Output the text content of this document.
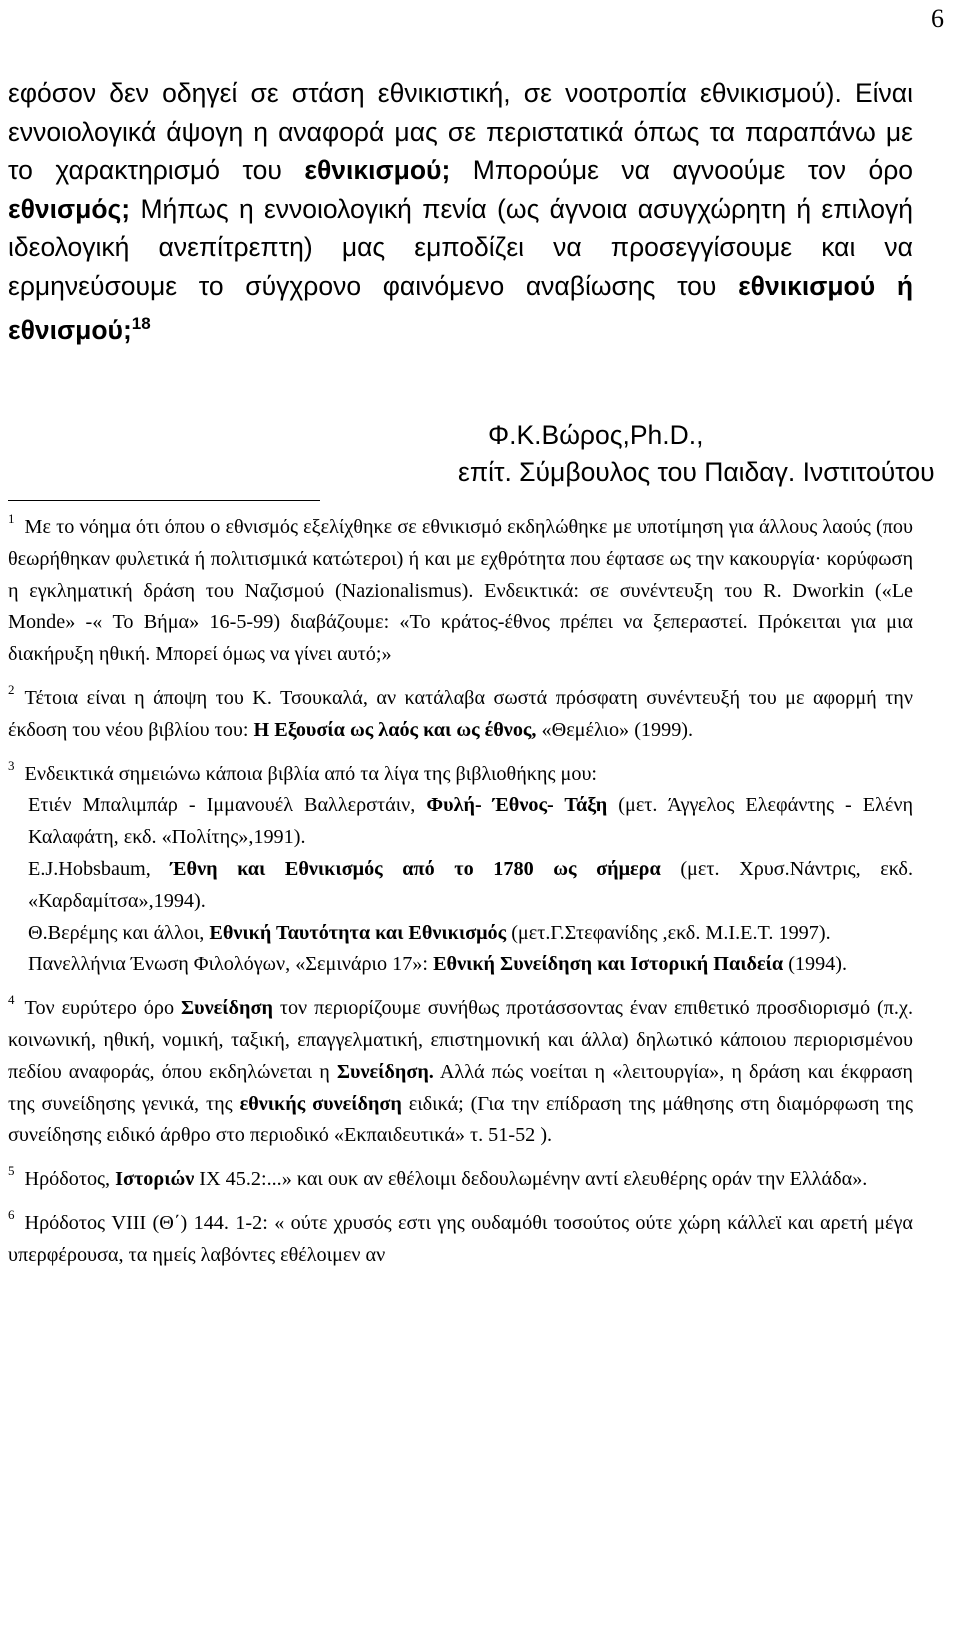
6
εφόσον δεν οδηγεί σε στάση εθνικιστική, σε νοοτροπία εθνικισμού). Είναι εννοιολογικά άψογη η αναφορά μας σε περιστατικά όπως τα παραπάνω με το χαρακτηρισμό του εθνικισμού; Μπορούμε να αγνοούμε τον όρο εθνισμός; Μήπως η εννοιολογική πενία (ως άγνοια ασυγχώρητη ή επιλογή ιδεολογική ανεπίτρεπτη) μας εμποδίζει να προσεγγίσουμε και να ερμηνεύσουμε το σύγχρονο φαινόμενο αναβίωσης του εθνικισμού ή εθνισμού;$^{18}$
Φ.Κ.Βώρος,Ph.D.,
επίτ. Σύμβουλος του Παιδαγ. Ινστιτούτου

$^1$ Με το νόημα ότι όπου ο εθνισμός εξελίχθηκε σε εθνικισμό εκδηλώθηκε με υποτίμηση για άλλους λαούς (που θεωρήθηκαν φυλετικά ή πολιτισμικά κατώτεροι) ή και με εχθρότητα που έφτασε ως την κακουργία· κορύφωση η εγκληματική δράση του Ναζισμού (Nazionalismus). Ενδεικτικά: σε συνέντευξη του R. Dworkin («Le Monde» -« Το Βήμα» 16-5-99) διαβάζουμε: «Το κράτος-έθνος πρέπει να ξεπεραστεί. Πρόκειται για μια διακήρυξη ηθική. Μπορεί όμως να γίνει αυτό;»

$^2$ Τέτοια είναι η άποψη του Κ. Τσουκαλά, αν κατάλαβα σωστά πρόσφατη συνέντευξή του με αφορμή την έκδοση του νέου βιβλίου του: Η Εξουσία ως λαός και ως έθνος, «Θεμέλιο» (1999).

$^3$ Ενδεικτικά σημειώνω κάποια βιβλία από τα λίγα της βιβλιοθήκης μου:
Ετιέν Μπαλιμπάρ - Ιμμανουέλ Βαλλερστάιν, Φυλή- Έθνος- Τάξη (μετ. Άγγελος Ελεφάντης - Ελένη Καλαφάτη, εκδ. «Πολίτης»,1991).
E.J.Hobsbaum, Έθνη και Εθνικισμός από το 1780 ως σήμερα (μετ. Χρυσ.Νάντρις, εκδ. «Καρδαμίτσα»,1994).
Θ.Βερέμης και άλλοι, Εθνική Ταυτότητα και Εθνικισμός (μετ.Γ.Στεφανίδης ,εκδ. Μ.Ι.Ε.Τ. 1997).
Πανελλήνια Ένωση Φιλολόγων, «Σεμινάριο 17»: Εθνική Συνείδηση και Ιστορική Παιδεία (1994).

$^4$ Τον ευρύτερο όρο Συνείδηση τον περιορίζουμε συνήθως προτάσσοντας έναν επιθετικό προσδιορισμό (π.χ. κοινωνική, ηθική, νομική, ταξική, επαγγελματική, επιστημονική και άλλα) δηλωτικό κάποιου περιορισμένου πεδίου αναφοράς, όπου εκδηλώνεται η Συνείδηση. Αλλά πώς νοείται η «λειτουργία», η δράση και έκφραση της συνείδησης γενικά, της εθνικής συνείδηση ειδικά; (Για την επίδραση της μάθησης στη διαμόρφωση της συνείδησης ειδικό άρθρο στο περιοδικό «Εκπαιδευτικά» τ. 51-52 ).

$^5$ Ηρόδοτος, Ιστοριών ΙΧ 45.2:...» και ουκ αν εθέλοιμι δεδουλωμένην αντί ελευθέρης οράν την Ελλάδα».

$^6$ Ηρόδοτος VIII (Θ΄) 144. 1-2: « ούτε χρυσός εστι γης ουδαμόθι τοσούτος ούτε χώρη κάλλεϊ και αρετή μέγα υπερφέρουσα, τα ημείς λαβόντες εθέλοιμεν αν
